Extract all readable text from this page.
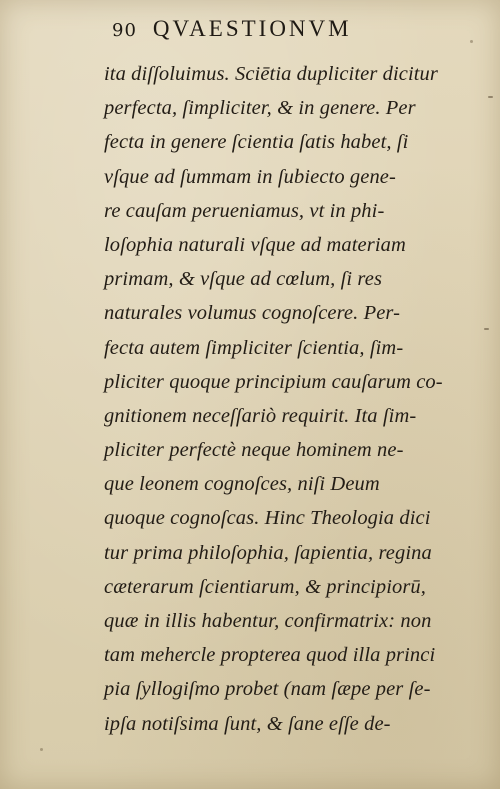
90 QVAESTIONVM
ita diſſoluimus. Sciētia dupliciter dicitur
perfecta, ſimpliciter, & in genere. Per
fecta in genere ſcientia ſatis habet, ſi
vſque ad ſummam in ſubiecto gene-
re cauſam perueniamus, vt in phi-
loſophia naturali vſque ad materiam
primam, & vſque ad cœlum, ſi res
naturales volumus cognoſcere. Per-
fecta autem ſimpliciter ſcientia, ſim-
pliciter quoque principium cauſarum co-
gnitionem neceſſariò requirit. Ita ſim-
pliciter perfectè neque hominem ne-
que leonem cognoſces, niſi Deum
quoque cognoſcas. Hinc Theologia dici
tur prima philoſophia, ſapientia, regina
cæterarum ſcientiarum, & principiorū,
quæ in illis habentur, confirmatrix: non
tam mehercle propterea quod illa princi
pia ſyllogiſmo probet (nam ſæpe per ſe-
ipſa notiſsima ſunt, & ſane eſſe de-
